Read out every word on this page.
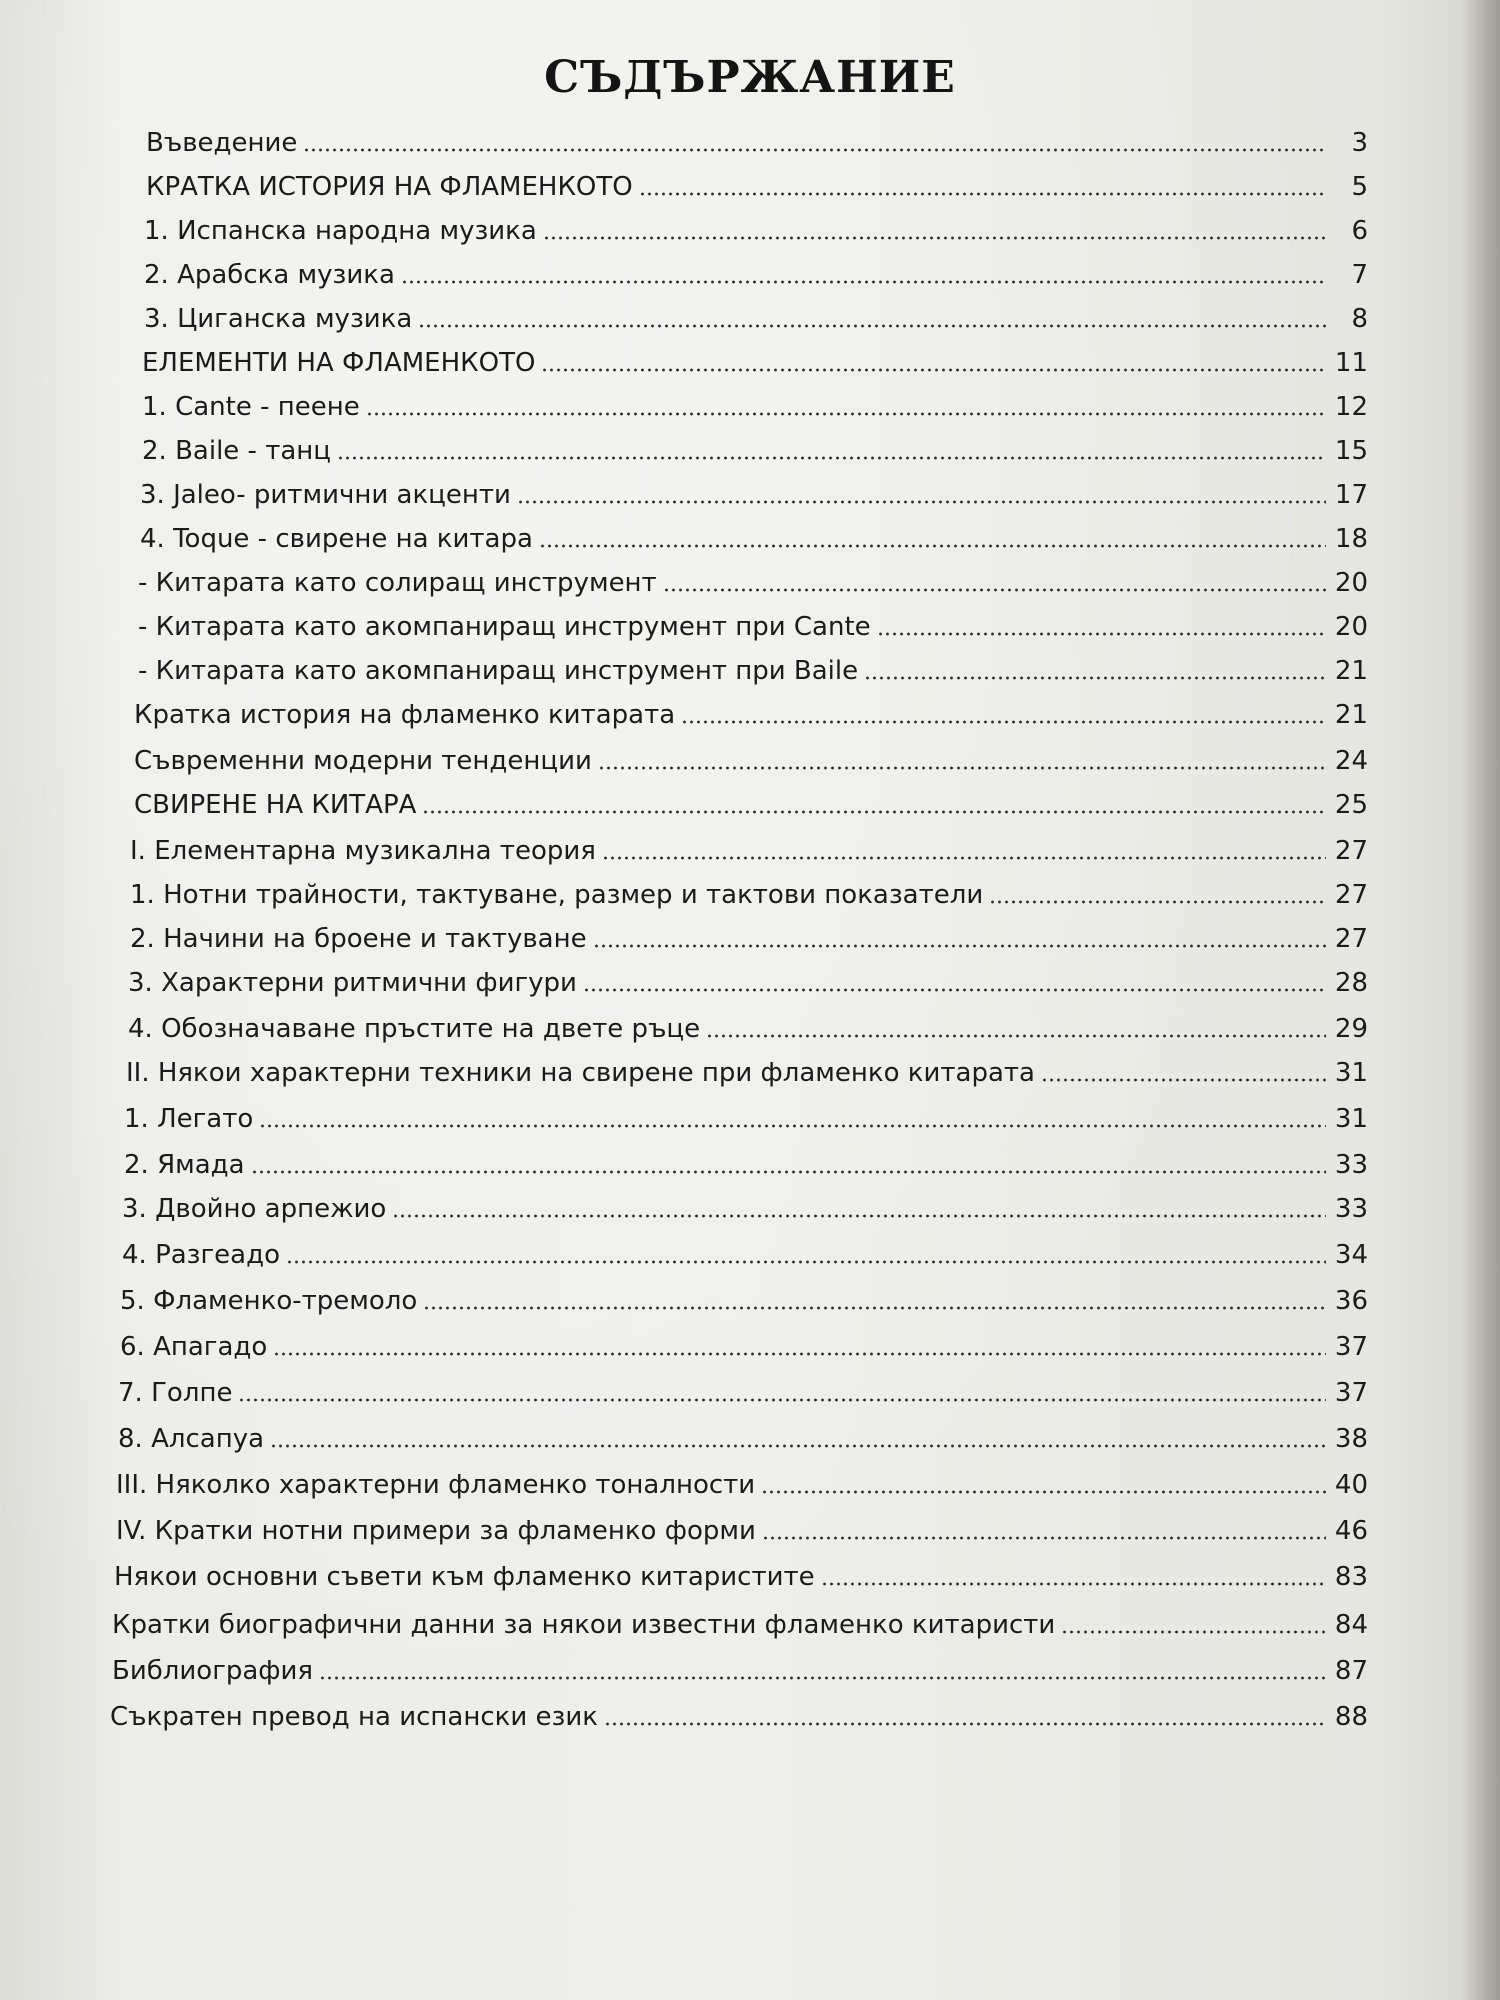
СЪДЪРЖАНИЕ
Въведение	3
КРАТКА ИСТОРИЯ НА ФЛАМЕНКОТО	5
1. Испанска народна музика	6
2. Арабска музика	7
3. Циганска музика	8
ЕЛЕМЕНТИ НА ФЛАМЕНКОТО	11
1. Cante - пеене	12
2. Baile - танц	15
3. Jaleo- ритмични акценти	17
4. Toque - свирене на китара	18
- Китарата като солиращ инструмент	20
- Китарата като акомпаниращ инструмент при Cante	20
- Китарата като акомпаниращ инструмент при Baile	21
Кратка история на фламенко китарата	21
Съвременни модерни тенденции	24
СВИРЕНЕ НА КИТАРА	25
I. Елементарна музикална теория	27
1. Нотни трайности, тактуване, размер и тактови показатели	27
2. Начини на броене и тактуване	27
3. Характерни ритмични фигури	28
4. Обозначаване пръстите на двете ръце	29
II. Някои характерни техники на свирене при фламенко китарата	31
1. Легато	31
2. Ямада	33
3. Двойно арпежио	33
4. Разгеадо	34
5. Фламенко-тремоло	36
6. Апагадо	37
7. Голпе	37
8. Алсапуа	38
III. Няколко характерни фламенко тоналности	40
IV. Кратки нотни примери за фламенко форми	46
Някои основни съвети към фламенко китаристите	83
Кратки биографични данни за някои известни фламенко китаристи	84
Библиография	87
Съкратен превод на испански език	88
